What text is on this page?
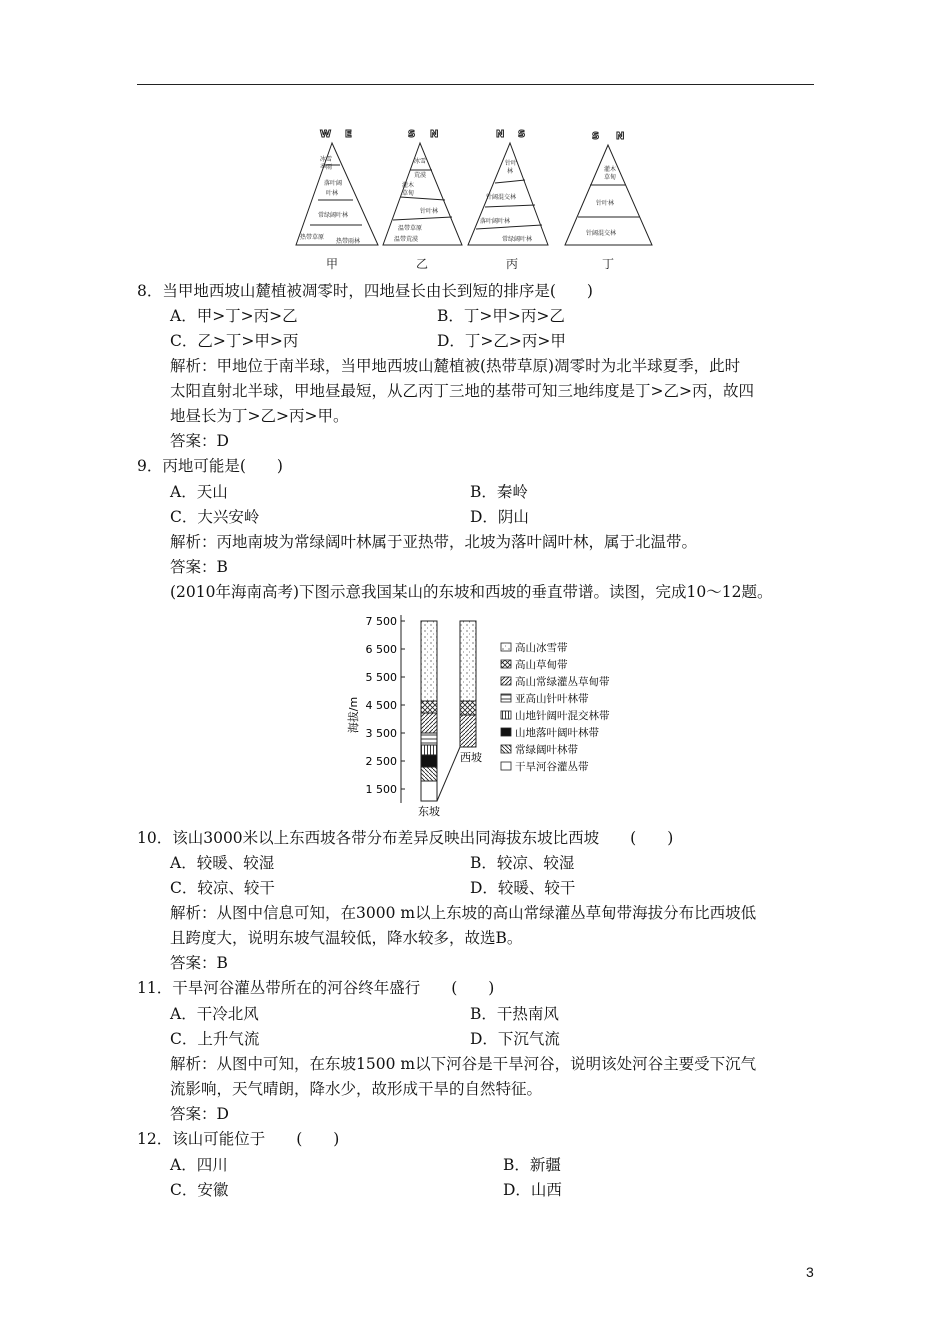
W E
冰雪
季雨
落叶阔
叶林
常绿阔叶林
热带草原
热带雨林
甲
S N
冰雪
荒漠
灌木
草甸
针叶林
温带草原
温带荒漠
乙
N S
针叶
林
针阔混交林
落叶阔叶林
常绿阔叶林
丙
S N
灌木
草甸
针叶林
针阔混交林
丁
8．当甲地西坡山麓植被凋零时，四地昼长由长到短的排序是(　　)
A．甲>丁>丙>乙	B．丁>甲>丙>乙
C．乙>丁>甲>丙	D．丁>乙>丙>甲
解析：甲地位于南半球，当甲地西坡山麓植被(热带草原)凋零时为北半球夏季，此时
太阳直射北半球，甲地昼最短，从乙丙丁三地的基带可知三地纬度是丁>乙>丙，故四
地昼长为丁>乙>丙>甲。
答案：D
9．丙地可能是(　　)
A．天山	B．秦岭
C．大兴安岭	D．阴山
解析：丙地南坡为常绿阔叶林属于亚热带，北坡为落叶阔叶林，属于北温带。
答案：B
(2010年海南高考)下图示意我国某山的东坡和西坡的垂直带谱。读图，完成10～12题。
海拔/m
7 500
6 500
5 500
4 500
3 500
2 500
1 500
东坡
西坡
高山冰雪带
高山草甸带
高山常绿灌丛草甸带
亚高山针叶林带
山地针阔叶混交林带
山地落叶阔叶林带
常绿阔叶林带
干旱河谷灌丛带
10．该山3000米以上东西坡各带分布差异反映出同海拔东坡比西坡　　(　　)
A．较暖、较湿	B．较凉、较湿
C．较凉、较干	D．较暖、较干
解析：从图中信息可知，在3000 m以上东坡的高山常绿灌丛草甸带海拔分布比西坡低
且跨度大，说明东坡气温较低，降水较多，故选B。
答案：B
11．干旱河谷灌丛带所在的河谷终年盛行　　(　　)
A．干冷北风	B．干热南风
C．上升气流	D．下沉气流
解析：从图中可知，在东坡1500 m以下河谷是干旱河谷，说明该处河谷主要受下沉气
流影响，天气晴朗，降水少，故形成干旱的自然特征。
答案：D
12．该山可能位于　　(　　)
A．四川	B．新疆
C．安徽	D．山西
3
